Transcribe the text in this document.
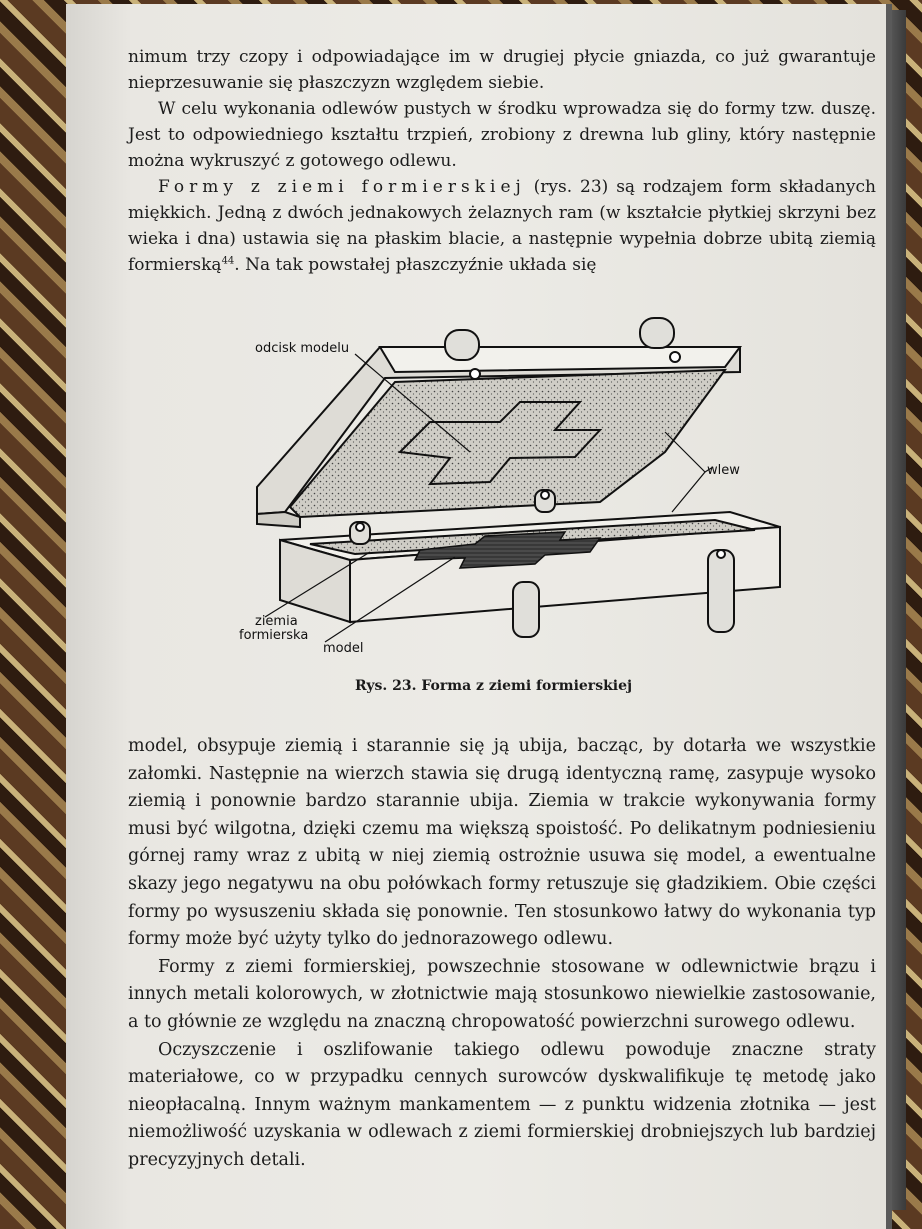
nimum trzy czopy i odpowiadające im w drugiej płycie gniazda, co już gwarantuje nieprzesuwanie się płaszczyzn względem siebie.

W celu wykonania odlewów pustych w środku wprowadza się do formy tzw. duszę. Jest to odpowiedniego kształtu trzpień, zrobiony z drewna lub gliny, który następnie można wykruszyć z gotowego odlewu.

Formy z ziemi formierskiej (rys. 23) są rodzajem form składanych miękkich. Jedną z dwóch jednakowych żelaznych ram (w kształcie płytkiej skrzyni bez wieka i dna) ustawia się na płaskim blacie, a następnie wypełnia dobrze ubitą ziemią formierską$^{44}$. Na tak powstałej płaszczyźnie układa się

odcisk modelu
wlew
ziemia
formierska
model
Rys. 23. Forma z ziemi formierskiej

model, obsypuje ziemią i starannie się ją ubija, bacząc, by dotarła we wszystkie załomki. Następnie na wierzch stawia się drugą identyczną ramę, zasypuje wysoko ziemią i ponownie bardzo starannie ubija. Ziemia w trakcie wykonywania formy musi być wilgotna, dzięki czemu ma większą spoistość. Po delikatnym podniesieniu górnej ramy wraz z ubitą w niej ziemią ostrożnie usuwa się model, a ewentualne skazy jego negatywu na obu połówkach formy retuszuje się gładzikiem. Obie części formy po wysuszeniu składa się ponownie. Ten stosunkowo łatwy do wykonania typ formy może być użyty tylko do jednorazowego odlewu.

Formy z ziemi formierskiej, powszechnie stosowane w odlewnictwie brązu i innych metali kolorowych, w złotnictwie mają stosunkowo niewielkie zastosowanie, a to głównie ze względu na znaczną chropowatość powierzchni surowego odlewu.

Oczyszczenie i oszlifowanie takiego odlewu powoduje znaczne straty materiałowe, co w przypadku cennych surowców dyskwalifikuje tę metodę jako nieopłacalną. Innym ważnym mankamentem — z punktu widzenia złotnika — jest niemożliwość uzyskania w odlewach z ziemi formierskiej drobniejszych lub bardziej precyzyjnych detali.
